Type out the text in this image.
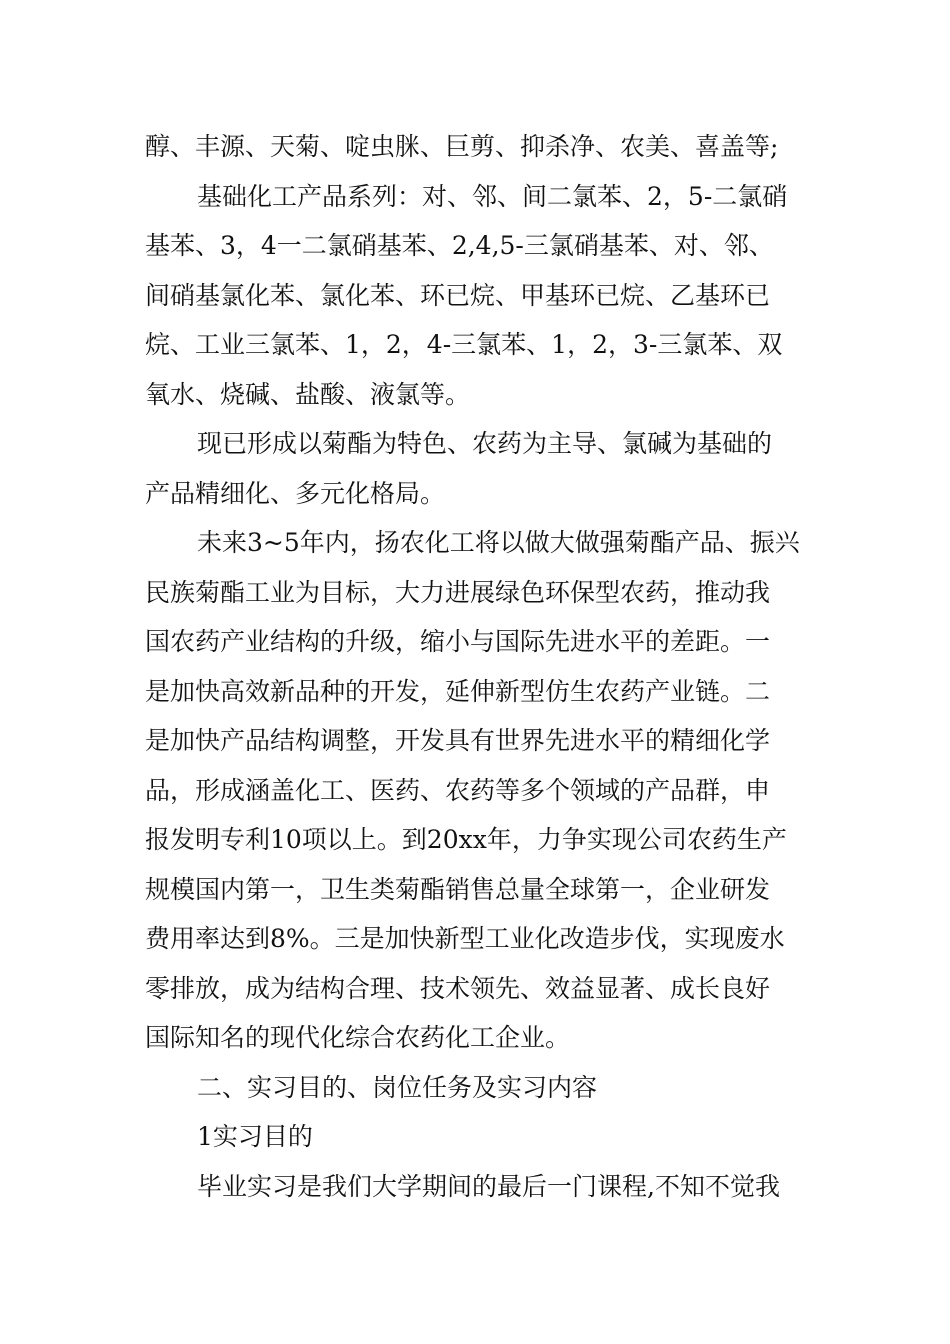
醇、丰源、天菊、啶虫脒、巨剪、抑杀净、农美、喜盖等;
基础化工产品系列：对、邻、间二氯苯、2，5-二氯硝
基苯、3，4一二氯硝基苯、2,4,5-三氯硝基苯、对、邻、
间硝基氯化苯、氯化苯、环已烷、甲基环已烷、乙基环已
烷、工业三氯苯、1，2，4-三氯苯、1，2，3-三氯苯、双
氧水、烧碱、盐酸、液氯等。
现已形成以菊酯为特色、农药为主导、氯碱为基础的
产品精细化、多元化格局。
未来3~5年内，扬农化工将以做大做强菊酯产品、振兴
民族菊酯工业为目标，大力进展绿色环保型农药，推动我
国农药产业结构的升级，缩小与国际先进水平的差距。一
是加快高效新品种的开发，延伸新型仿生农药产业链。二
是加快产品结构调整，开发具有世界先进水平的精细化学
品，形成涵盖化工、医药、农药等多个领域的产品群，申
报发明专利10项以上。到20xx年，力争实现公司农药生产
规模国内第一，卫生类菊酯销售总量全球第一，企业研发
费用率达到8%。三是加快新型工业化改造步伐，实现废水
零排放，成为结构合理、技术领先、效益显著、成长良好
国际知名的现代化综合农药化工企业。
二、实习目的、岗位任务及实习内容
1实习目的
毕业实习是我们大学期间的最后一门课程,不知不觉我
